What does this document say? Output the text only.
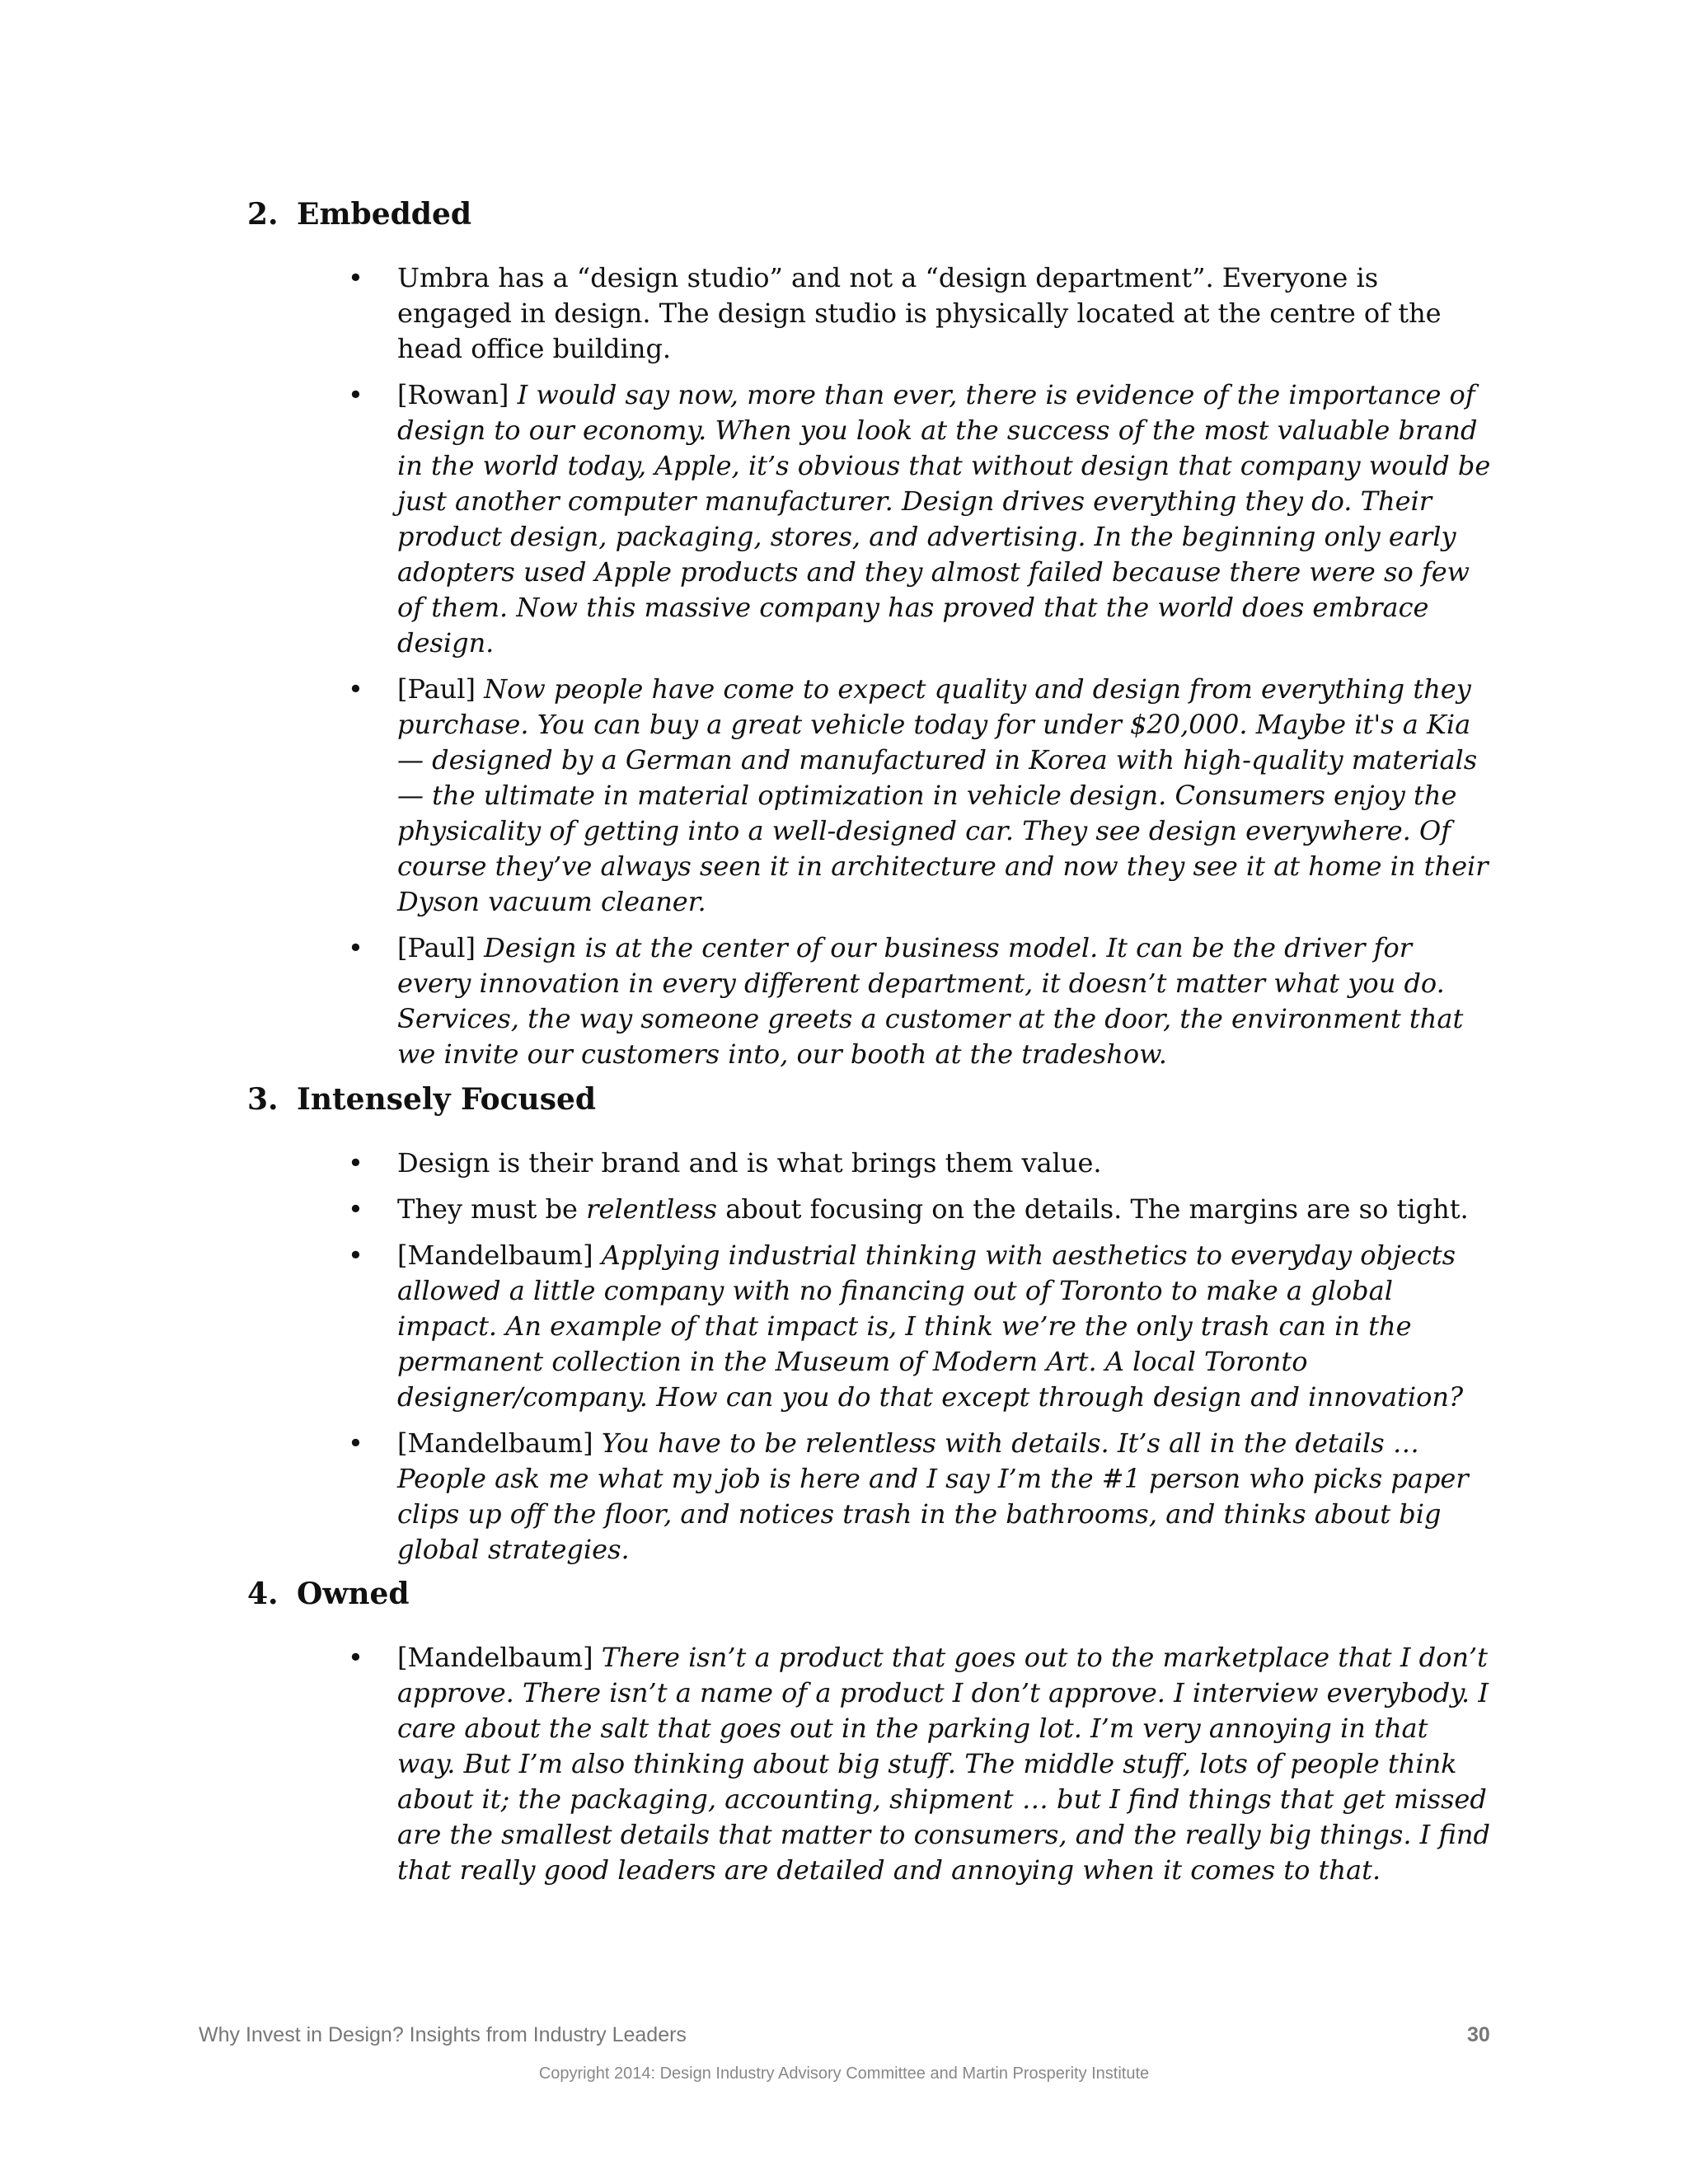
2. Embedded
•	Umbra has a “design studio” and not a “design department”. Everyone is engaged in design. The design studio is physically located at the centre of the head office building.
•	[Rowan] I would say now, more than ever, there is evidence of the importance of design to our economy. When you look at the success of the most valuable brand in the world today, Apple, it’s obvious that without design that company would be just another computer manufacturer. Design drives everything they do. Their product design, packaging, stores, and advertising. In the beginning only early adopters used Apple products and they almost failed because there were so few of them. Now this massive company has proved that the world does embrace design.
•	[Paul] Now people have come to expect quality and design from everything they purchase. You can buy a great vehicle today for under $20,000. Maybe it's a Kia — designed by a German and manufactured in Korea with high-quality materials — the ultimate in material optimization in vehicle design. Consumers enjoy the physicality of getting into a well-designed car. They see design everywhere. Of course they’ve always seen it in architecture and now they see it at home in their Dyson vacuum cleaner.
•	[Paul] Design is at the center of our business model. It can be the driver for every innovation in every different department, it doesn’t matter what you do. Services, the way someone greets a customer at the door, the environment that we invite our customers into, our booth at the tradeshow.
3. Intensely Focused
•	Design is their brand and is what brings them value.
•	They must be relentless about focusing on the details. The margins are so tight.
•	[Mandelbaum] Applying industrial thinking with aesthetics to everyday objects allowed a little company with no financing out of Toronto to make a global impact. An example of that impact is, I think we’re the only trash can in the permanent collection in the Museum of Modern Art. A local Toronto designer/company. How can you do that except through design and innovation?
•	[Mandelbaum] You have to be relentless with details. It’s all in the details … People ask me what my job is here and I say I’m the #1 person who picks paper clips up off the floor, and notices trash in the bathrooms, and thinks about big global strategies.
4. Owned
•	[Mandelbaum] There isn’t a product that goes out to the marketplace that I don’t approve. There isn’t a name of a product I don’t approve. I interview everybody. I care about the salt that goes out in the parking lot. I’m very annoying in that way. But I’m also thinking about big stuff. The middle stuff, lots of people think about it; the packaging, accounting, shipment … but I find things that get missed are the smallest details that matter to consumers, and the really big things. I find that really good leaders are detailed and annoying when it comes to that.
Why Invest in Design? Insights from Industry Leaders	30
Copyright 2014: Design Industry Advisory Committee and Martin Prosperity Institute
